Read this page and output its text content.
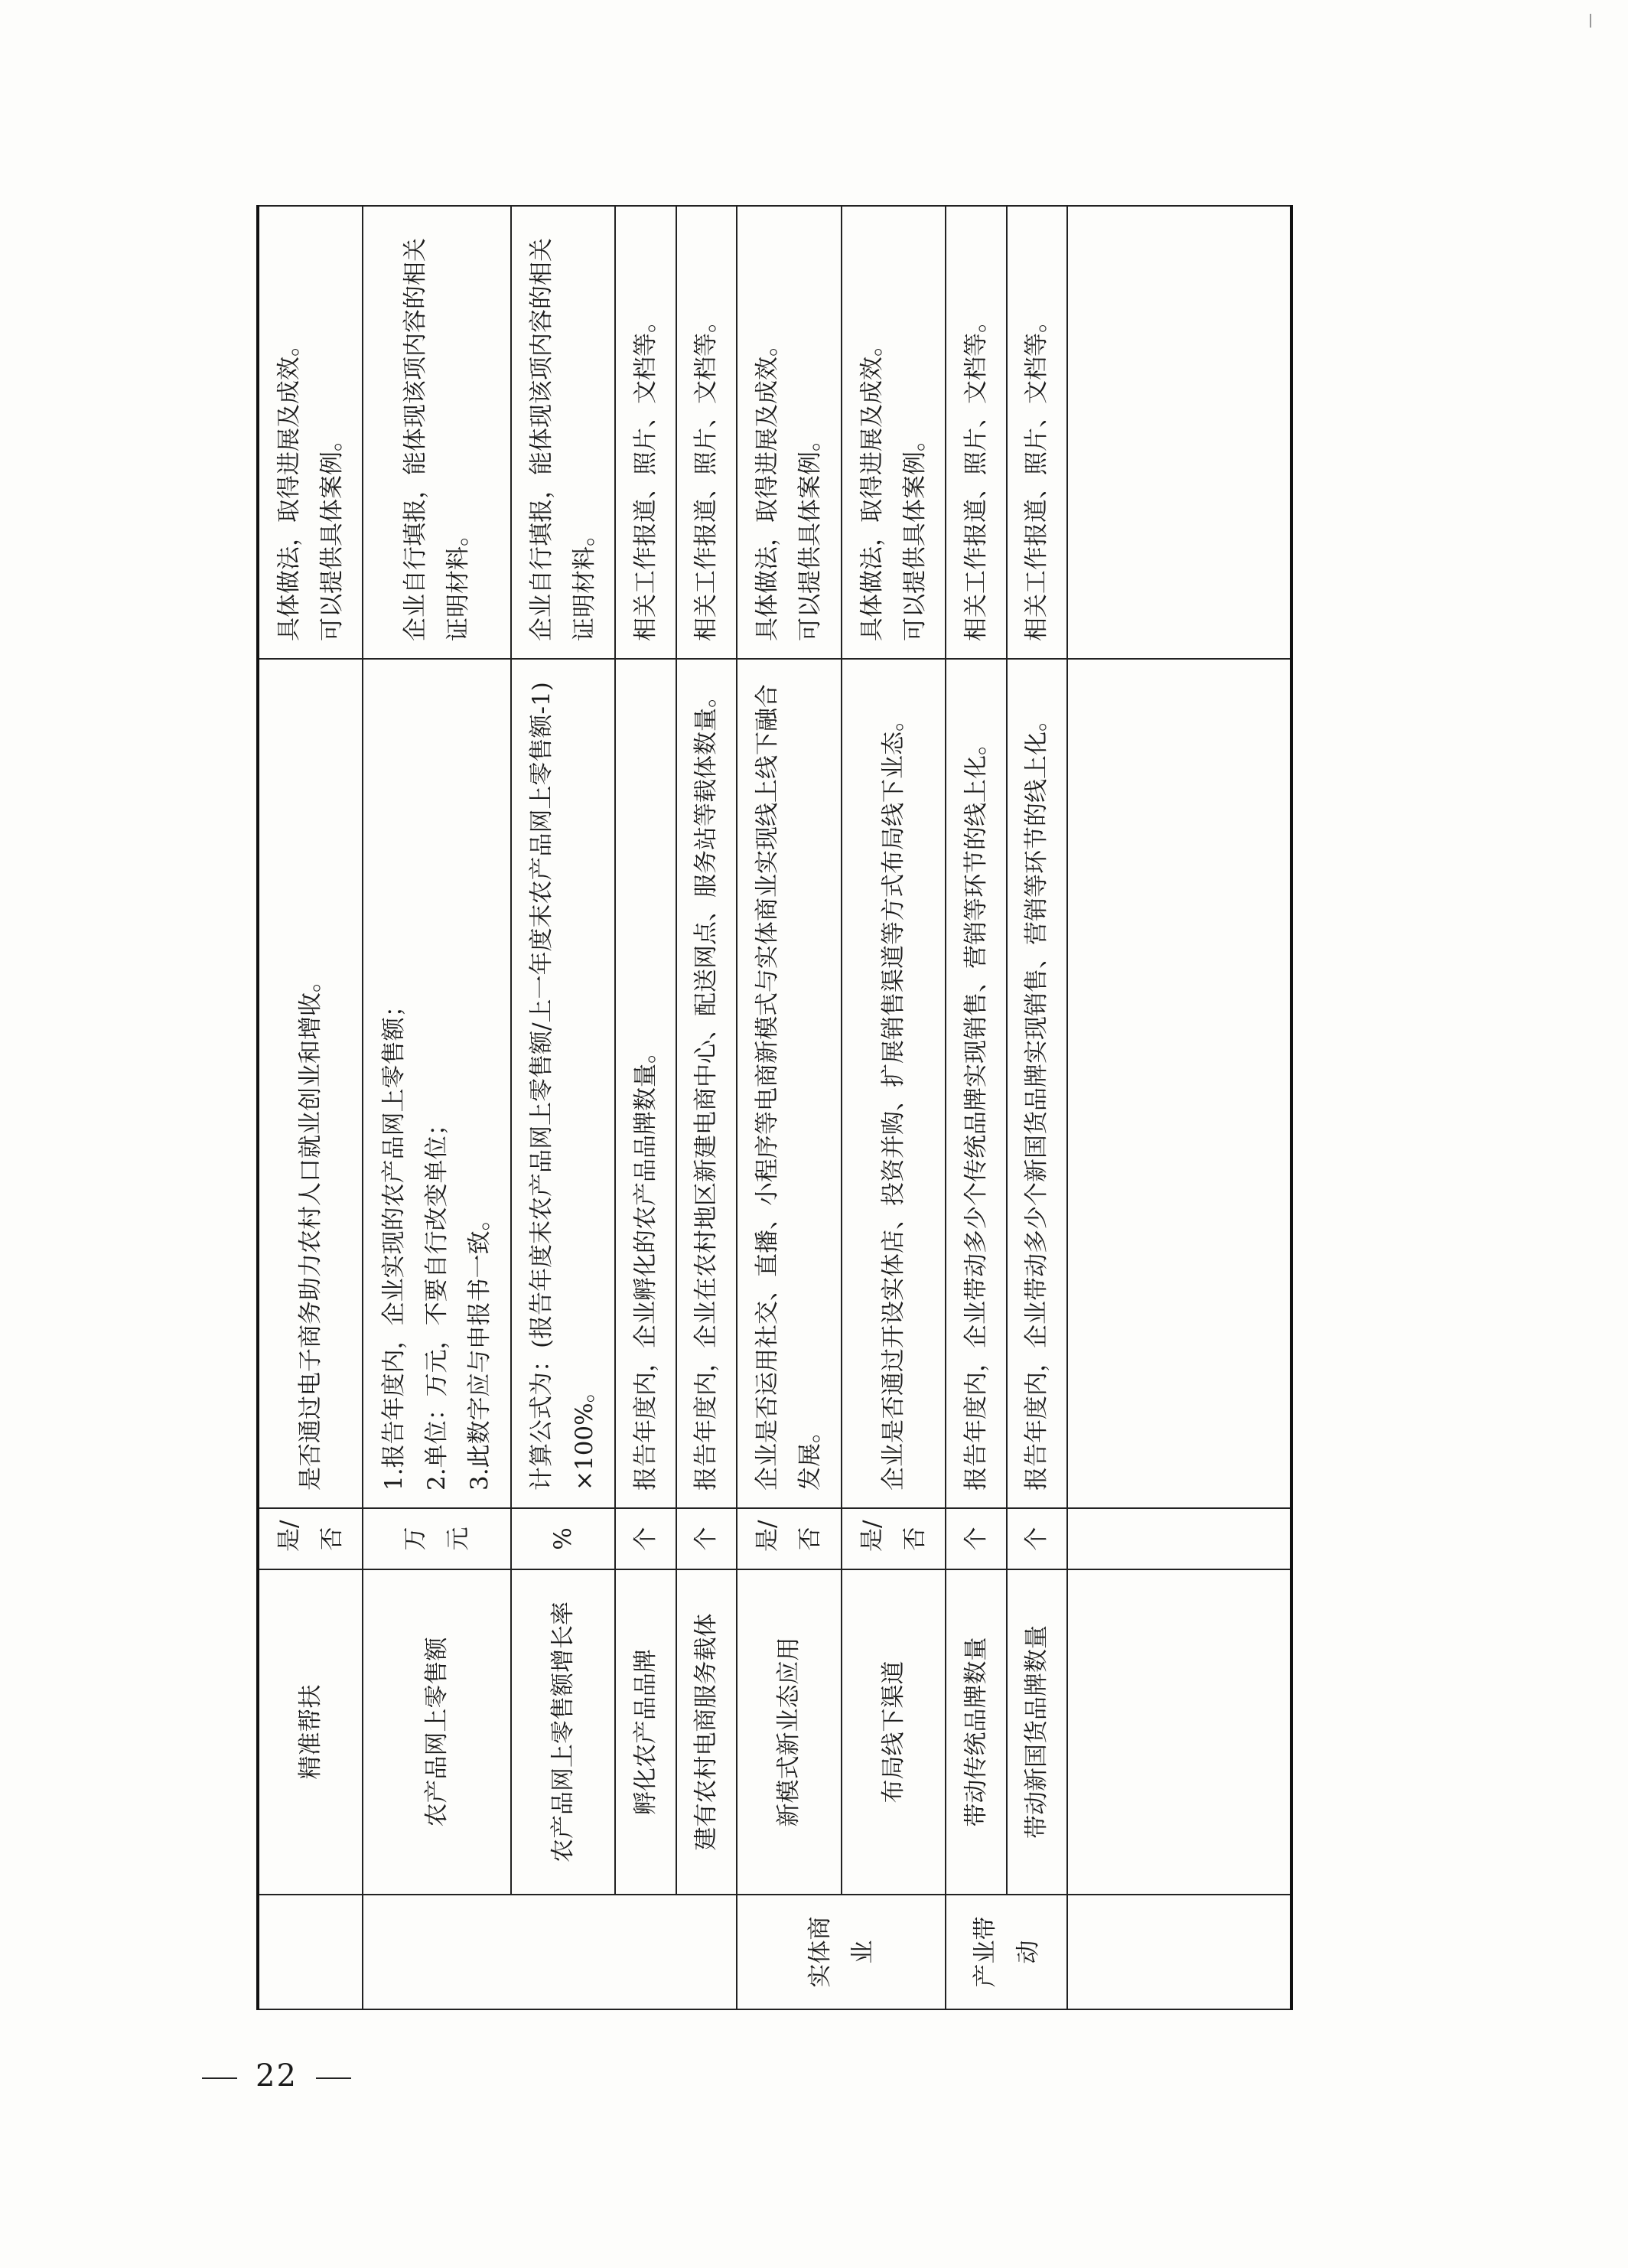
	精准帮扶	是/否	是否通过电子商务助力农村人口就业创业和增收。	具体做法，取得进展及成效。 可以提供具体案例。

	农产品网上零售额	万元	1.报告年度内，企业实现的农产品网上零售额； 2.单位：万元，不要自行改变单位； 3.此数字应与申报书一致。	企业自行填报，能体现该项内容的相关证明材料。

	农产品网上零售额增长率	%	计算公式为：(报告年度末农产品网上零售额/上一年度末农产品网上零售额-1)×100%。	企业自行填报，能体现该项内容的相关证明材料。

	孵化农产品品牌	个	报告年度内，企业孵化的农产品品牌数量。	相关工作报道、照片、文档等。

	建有农村电商服务载体	个	报告年度内，企业在农村地区新建电商中心、配送网点、服务站等载体数量。	相关工作报道、照片、文档等。

实体商业	新模式新业态应用	是/否	企业是否运用社交、直播、小程序等电商新模式与实体商业实现线上线下融合发展。	具体做法，取得进展及成效。 可以提供具体案例。

	布局线下渠道	是/否	企业是否通过开设实体店、投资并购、扩展销售渠道等方式布局线下业态。	具体做法，取得进展及成效。 可以提供具体案例。

产业带动	带动传统品牌数量	个	报告年度内，企业带动多少个传统品牌实现销售、营销等环节的线上化。	相关工作报道、照片、文档等。

	带动新国货品牌数量	个	报告年度内，企业带动多少个新国货品牌实现销售、营销等环节的线上化。	相关工作报道、照片、文档等。

22
